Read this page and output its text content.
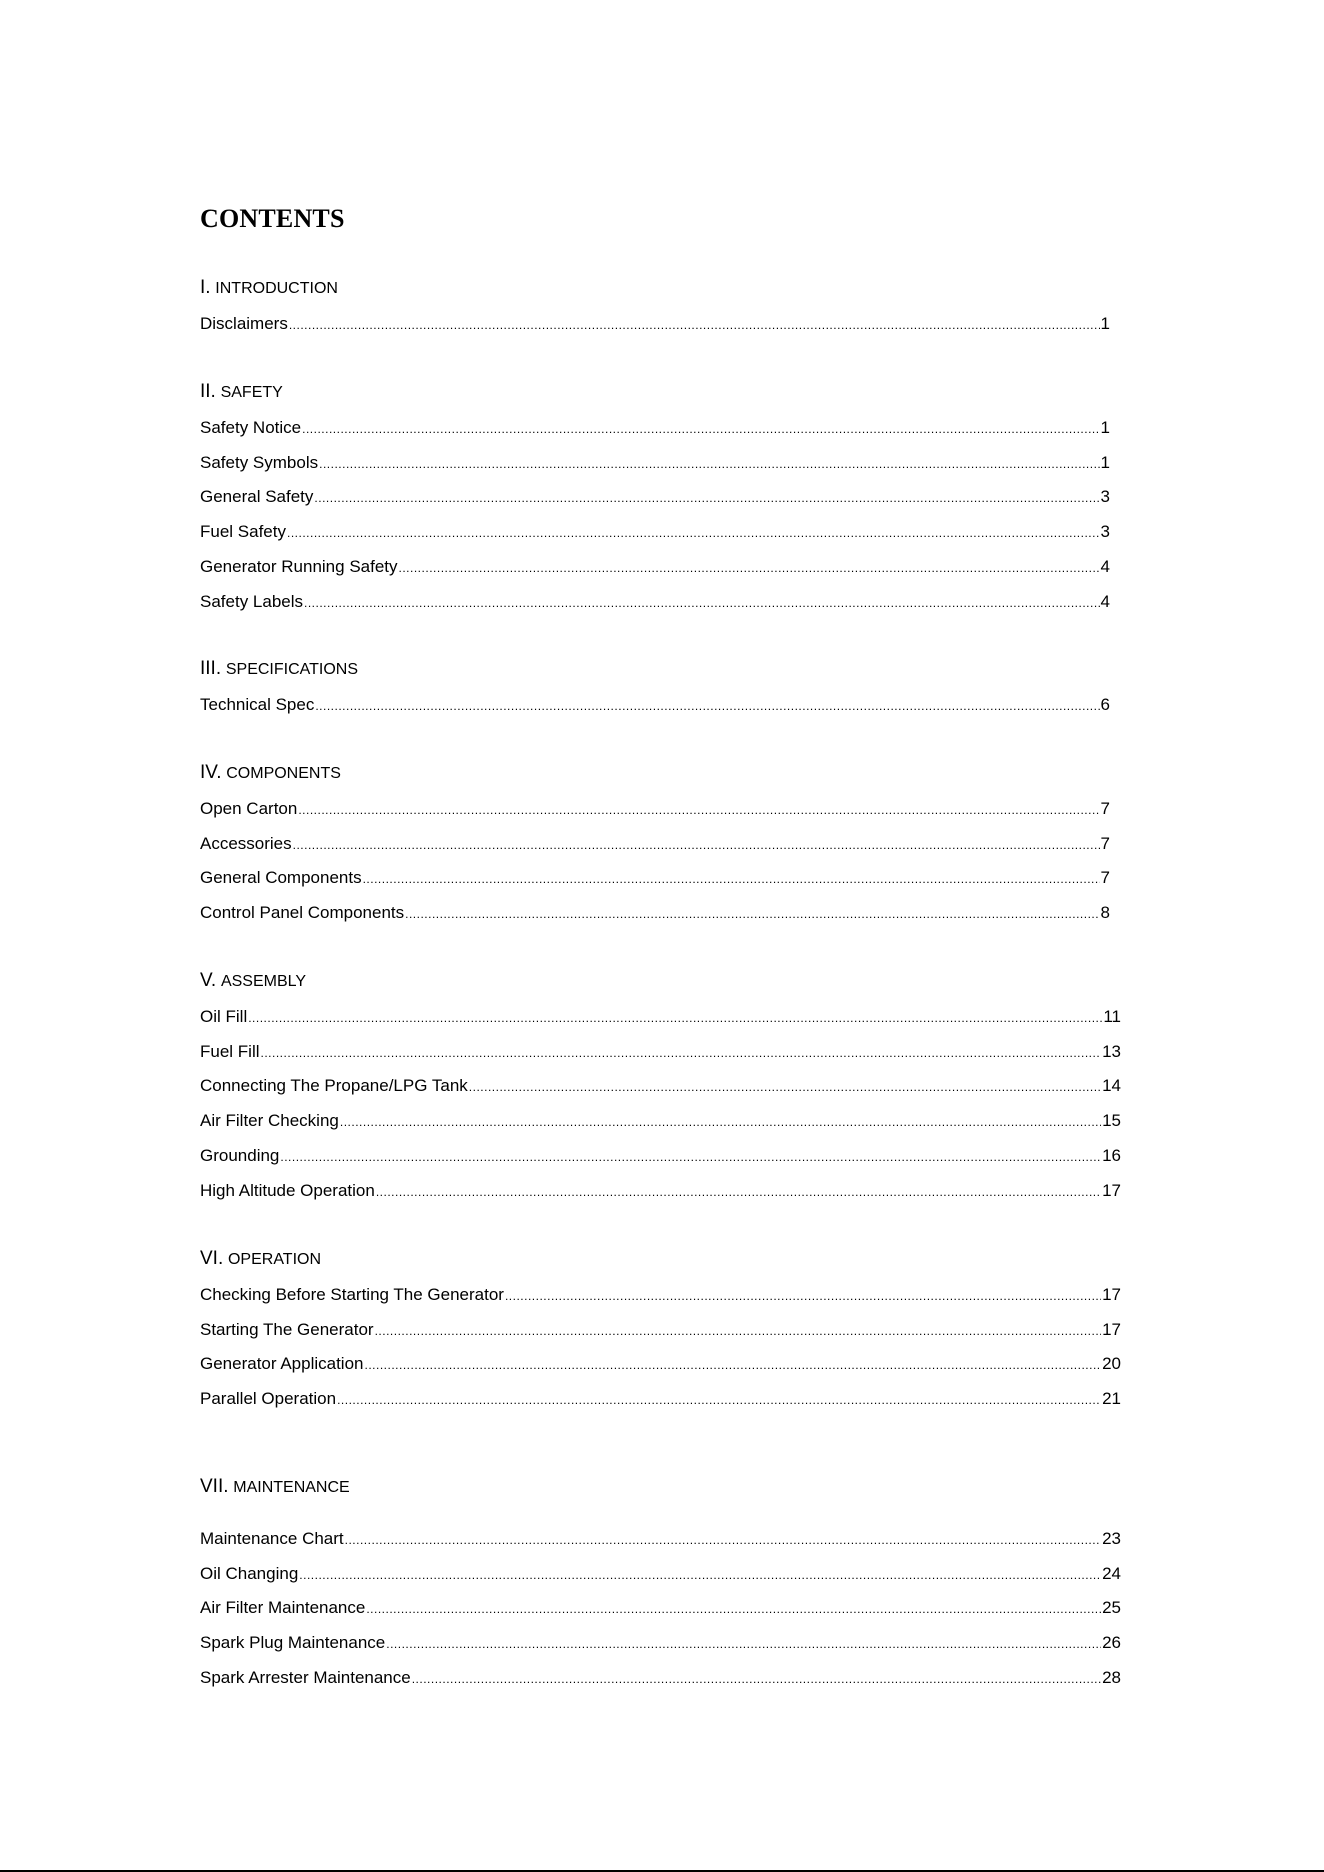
CONTENTS
I. INTRODUCTION
Disclaimers .....	1
II. SAFETY
Safety Notice .....	1
Safety Symbols .....	1
General Safety .....	3
Fuel Safety .....	3
Generator Running Safety .....	4
Safety Labels .....	4
III. SPECIFICATIONS
Technical Spec .....	6
IV. COMPONENTS
Open Carton .....	7
Accessories .....	7
General Components .....	7
Control Panel Components .....	8
V. ASSEMBLY
Oil Fill .....	11
Fuel Fill .....	13
Connecting The Propane/LPG Tank .....	14
Air Filter Checking .....	15
Grounding .....	16
High Altitude Operation .....	17
VI. OPERATION
Checking Before Starting The Generator .....	17
Starting The Generator .....	17
Generator Application .....	20
Parallel Operation .....	21
VII. MAINTENANCE
Maintenance Chart .....	23
Oil Changing .....	24
Air Filter Maintenance .....	25
Spark Plug Maintenance .....	26
Spark Arrester Maintenance .....	28
